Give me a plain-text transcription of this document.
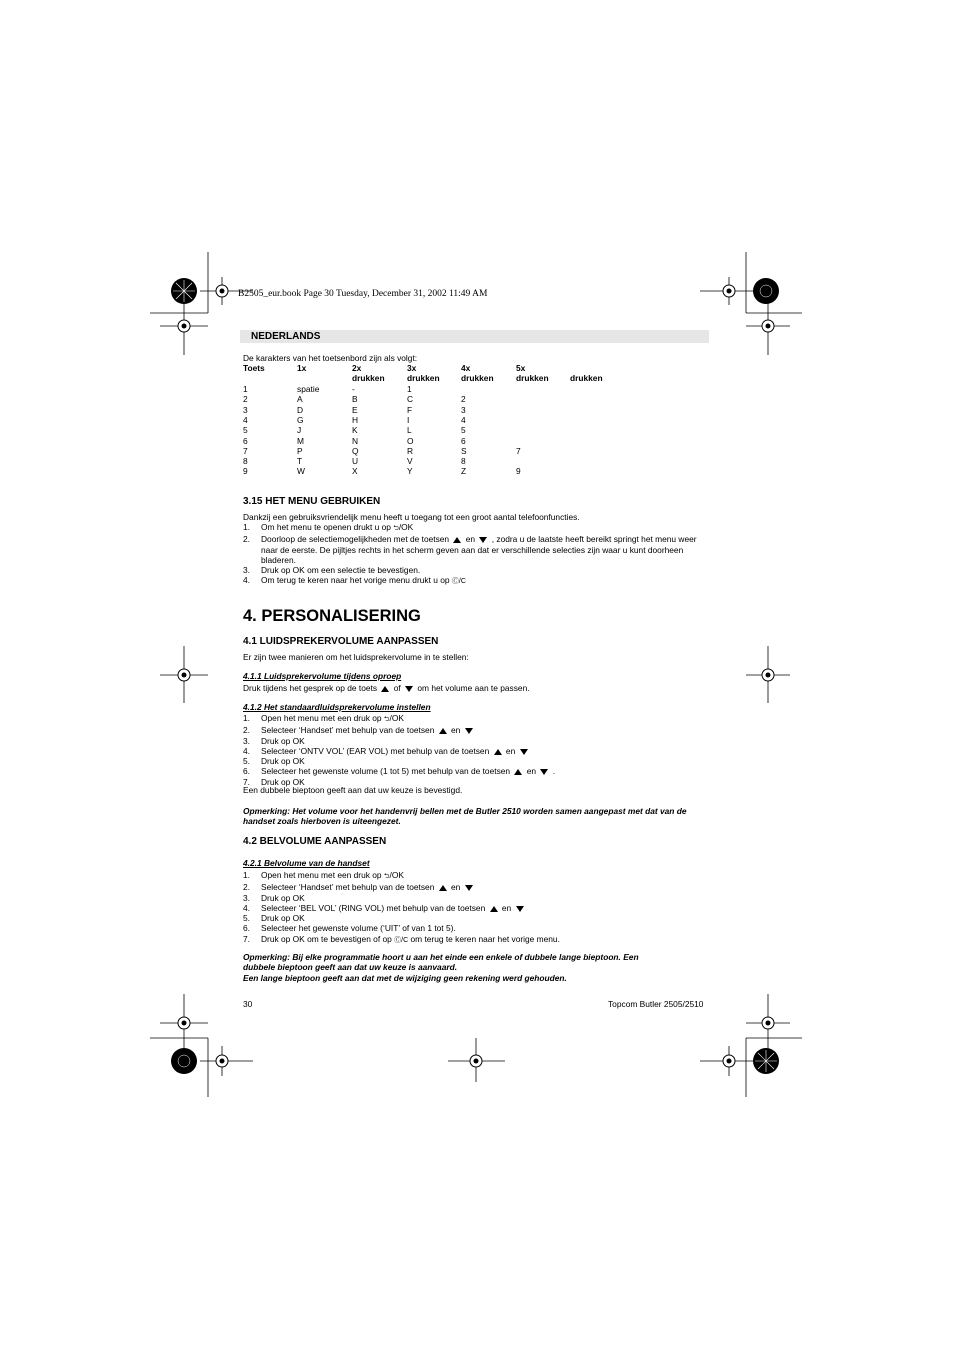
B2505_eur.book Page 30 Tuesday, December 31, 2002 11:49 AM
NEDERLANDS
De karakters van het toetsenbord zijn als volgt:
Toets	1x	2x	3x	4x	5x
drukken	drukken	drukken	drukken	drukken
1	spatie	-	1
2	A	B	C	2
3	D	E	F	3
4	G	H	I	4
5	J	K	L	5
6	M	N	O	6
7	P	Q	R	S	7
8	T	U	V	8
9	W	X	Y	Z	9
3.15 HET MENU GEBRUIKEN
Dankzij een gebruiksvriendelijk menu heeft u toegang tot een groot aantal telefoonfuncties.
1. Om het menu te openen drukt u op ⮌/OK
2. Doorloop de selectiemogelijkheden met de toetsen  en  , zodra u de laatste heeft bereikt springt het menu weer naar de eerste. De pijltjes rechts in het scherm geven aan dat er verschillende selecties zijn waar u kunt doorheen bladeren.
3. Druk op OK om een selectie te bevestigen.
4. Om terug te keren naar het vorige menu drukt u op Ⓒ/C
4. PERSONALISERING
4.1 LUIDSPREKERVOLUME AANPASSEN
Er zijn twee manieren om het luidsprekervolume in te stellen:
4.1.1 Luidsprekervolume tijdens oproep
Druk tijdens het gesprek op de toets  of  om het volume aan te passen.
4.1.2 Het standaardluidsprekervolume instellen
1. Open het menu met een druk op ⮌/OK
2. Selecteer ‘Handset’ met behulp van de toetsen  en
3. Druk op OK
4. Selecteer ‘ONTV VOL’ (EAR VOL) met behulp van de toetsen  en
5. Druk op OK
6. Selecteer het gewenste volume (1 tot 5) met behulp van de toetsen  en  .
7. Druk op OK
Een dubbele bieptoon geeft aan dat uw keuze is bevestigd.
Opmerking: Het volume voor het handenvrij bellen met de Butler 2510 worden samen aangepast met dat van de handset zoals hierboven is uiteengezet.
4.2 BELVOLUME AANPASSEN
4.2.1 Belvolume van de handset
1. Open het menu met een druk op ⮌/OK
2. Selecteer ‘Handset’ met behulp van de toetsen  en
3. Druk op OK
4. Selecteer ‘BEL VOL’ (RING VOL) met behulp van de toetsen  en
5. Druk op OK
6. Selecteer het gewenste volume (‘UIT’ of van 1 tot 5).
7. Druk op OK om te bevestigen of op Ⓒ/C om terug te keren naar het vorige menu.
Opmerking: Bij elke programmatie hoort u aan het einde een enkele of dubbele lange bieptoon. Een
dubbele bieptoon geeft aan dat uw keuze is aanvaard.
Een lange bieptoon geeft aan dat met de wijziging geen rekening werd gehouden.
30	Topcom Butler 2505/2510
